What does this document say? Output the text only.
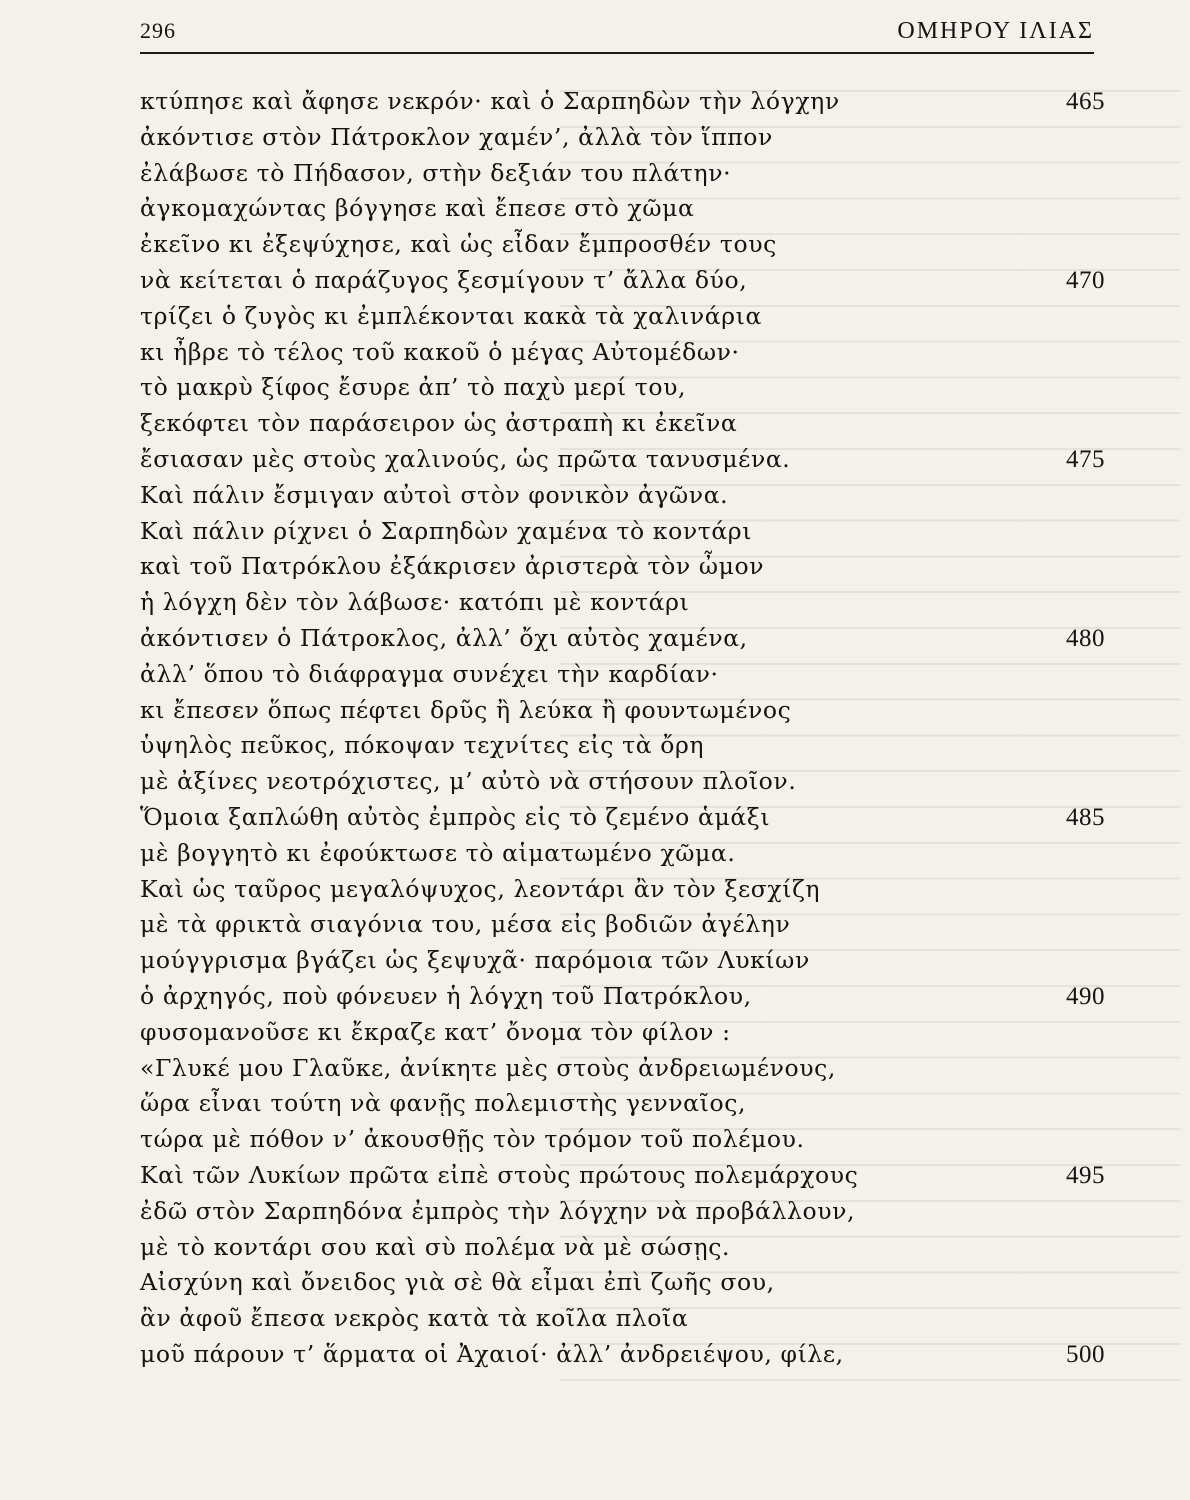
296	ΟΜΗΡΟΥ ΙΛΙΑΣ
κτύπησε καὶ ἄφησε νεκρόν· καὶ ὁ Σαρπηδὼν τὴν λόγχην	465
ἀκόντισε στὸν Πάτροκλον χαμέν’, ἀλλὰ τὸν ἵππον
ἐλάβωσε τὸ Πήδασον, στὴν δεξιάν του πλάτην·
ἀγκομαχώντας βόγγησε καὶ ἔπεσε στὸ χῶμα
ἐκεῖνο κι ἐξεψύχησε, καὶ ὡς εἶδαν ἔμπροσθέν τους
νὰ κείτεται ὁ παράζυγος ξεσμίγουν τ’ ἄλλα δύο,	470
τρίζει ὁ ζυγὸς κι ἐμπλέκονται κακὰ τὰ χαλινάρια
κι ἦβρε τὸ τέλος τοῦ κακοῦ ὁ μέγας Αὐτομέδων·
τὸ μακρὺ ξίφος ἔσυρε ἀπ’ τὸ παχὺ μερί του,
ξεκόφτει τὸν παράσειρον ὡς ἀστραπὴ κι ἐκεῖνα
ἔσιασαν μὲς στοὺς χαλινούς, ὡς πρῶτα τανυσμένα.	475
Καὶ πάλιν ἔσμιγαν αὐτοὶ στὸν φονικὸν ἀγῶνα.
Καὶ πάλιν ρίχνει ὁ Σαρπηδὼν χαμένα τὸ κοντάρι
καὶ τοῦ Πατρόκλου ἐξάκρισεν ἀριστερὰ τὸν ὦμον
ἡ λόγχη δὲν τὸν λάβωσε· κατόπι μὲ κοντάρι
ἀκόντισεν ὁ Πάτροκλος, ἀλλ’ ὄχι αὐτὸς χαμένα,	480
ἀλλ’ ὅπου τὸ διάφραγμα συνέχει τὴν καρδίαν·
κι ἔπεσεν ὅπως πέφτει δρῦς ἢ λεύκα ἢ φουντωμένος
ὑψηλὸς πεῦκος, πόκοψαν τεχνίτες εἰς τὰ ὄρη
μὲ ἀξίνες νεοτρόχιστες, μ’ αὐτὸ νὰ στήσουν πλοῖον.
Ὅμοια ξαπλώθη αὐτὸς ἐμπρὸς εἰς τὸ ζεμένο ἁμάξι	485
μὲ βογγητὸ κι ἐφούκτωσε τὸ αἱματωμένο χῶμα.
Καὶ ὡς ταῦρος μεγαλόψυχος, λεοντάρι ἂν τὸν ξεσχίζη
μὲ τὰ φρικτὰ σιαγόνια του, μέσα εἰς βοδιῶν ἀγέλην
μούγγρισμα βγάζει ὡς ξεψυχᾶ· παρόμοια τῶν Λυκίων
ὁ ἀρχηγός, ποὺ φόνευεν ἡ λόγχη τοῦ Πατρόκλου,	490
φυσομανοῦσε κι ἔκραζε κατ’ ὄνομα τὸν φίλον :
«Γλυκέ μου Γλαῦκε, ἀνίκητε μὲς στοὺς ἀνδρειωμένους,
ὥρα εἶναι τούτη νὰ φανῇς πολεμιστὴς γενναῖος,
τώρα μὲ πόθον ν’ ἀκουσθῇς τὸν τρόμον τοῦ πολέμου.
Καὶ τῶν Λυκίων πρῶτα εἰπὲ στοὺς πρώτους πολεμάρχους	495
ἐδῶ στὸν Σαρπηδόνα ἐμπρὸς τὴν λόγχην νὰ προβάλλουν,
μὲ τὸ κοντάρι σου καὶ σὺ πολέμα νὰ μὲ σώσῃς.
Αἰσχύνη καὶ ὄνειδος γιὰ σὲ θὰ εἶμαι ἐπὶ ζωῆς σου,
ἂν ἀφοῦ ἔπεσα νεκρὸς κατὰ τὰ κοῖλα πλοῖα
μοῦ πάρουν τ’ ἅρματα οἱ Ἀχαιοί· ἀλλ’ ἀνδρειέψου, φίλε,	500
